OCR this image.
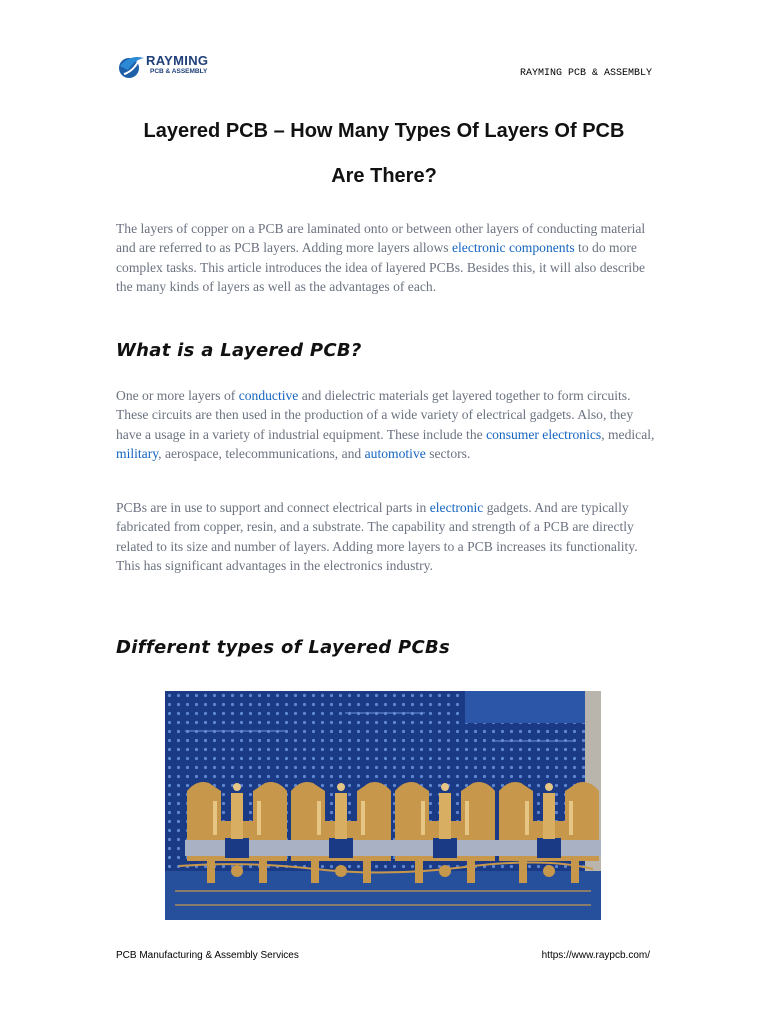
RAYMING
PCB & ASSEMBLY	RAYMING PCB & ASSEMBLY
Layered PCB – How Many Types Of Layers Of PCB
Are There?

The layers of copper on a PCB are laminated onto or between other layers of conducting material and are referred to as PCB layers. Adding more layers allows electronic components to do more complex tasks. This article introduces the idea of layered PCBs. Besides this, it will also describe the many kinds of layers as well as the advantages of each.

What is a Layered PCB?

One or more layers of conductive and dielectric materials get layered together to form circuits. These circuits are then used in the production of a wide variety of electrical gadgets. Also, they have a usage in a variety of industrial equipment. These include the consumer electronics, medical, military, aerospace, telecommunications, and automotive sectors.

PCBs are in use to support and connect electrical parts in electronic gadgets. And are typically fabricated from copper, resin, and a substrate. The capability and strength of a PCB are directly related to its size and number of layers. Adding more layers to a PCB increases its functionality. This has significant advantages in the electronics industry.

Different types of Layered PCBs
PCB Manufacturing & Assembly Services	https://www.raypcb.com/
